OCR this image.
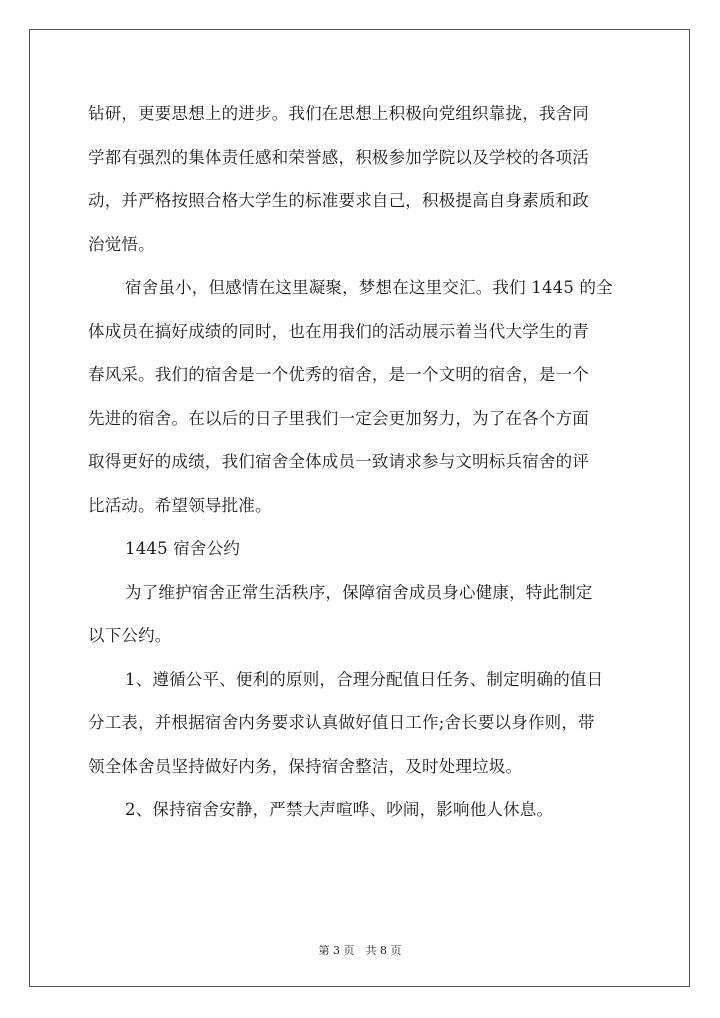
钻研，更要思想上的进步。我们在思想上积极向党组织靠拢，我舍同
学都有强烈的集体责任感和荣誉感，积极参加学院以及学校的各项活
动，并严格按照合格大学生的标准要求自己，积极提高自身素质和政
治觉悟。
宿舍虽小，但感情在这里凝聚，梦想在这里交汇。我们 1445 的全
体成员在搞好成绩的同时，也在用我们的活动展示着当代大学生的青
春风采。我们的宿舍是一个优秀的宿舍，是一个文明的宿舍，是一个
先进的宿舍。在以后的日子里我们一定会更加努力，为了在各个方面
取得更好的成绩，我们宿舍全体成员一致请求参与文明标兵宿舍的评
比活动。希望领导批准。
1445 宿舍公约
为了维护宿舍正常生活秩序，保障宿舍成员身心健康，特此制定
以下公约。
1、遵循公平、便利的原则，合理分配值日任务、制定明确的值日
分工表，并根据宿舍内务要求认真做好值日工作;舍长要以身作则，带
领全体舍员坚持做好内务，保持宿舍整洁，及时处理垃圾。
2、保持宿舍安静，严禁大声喧哗、吵闹，影响他人休息。
第 3 页　共 8 页
